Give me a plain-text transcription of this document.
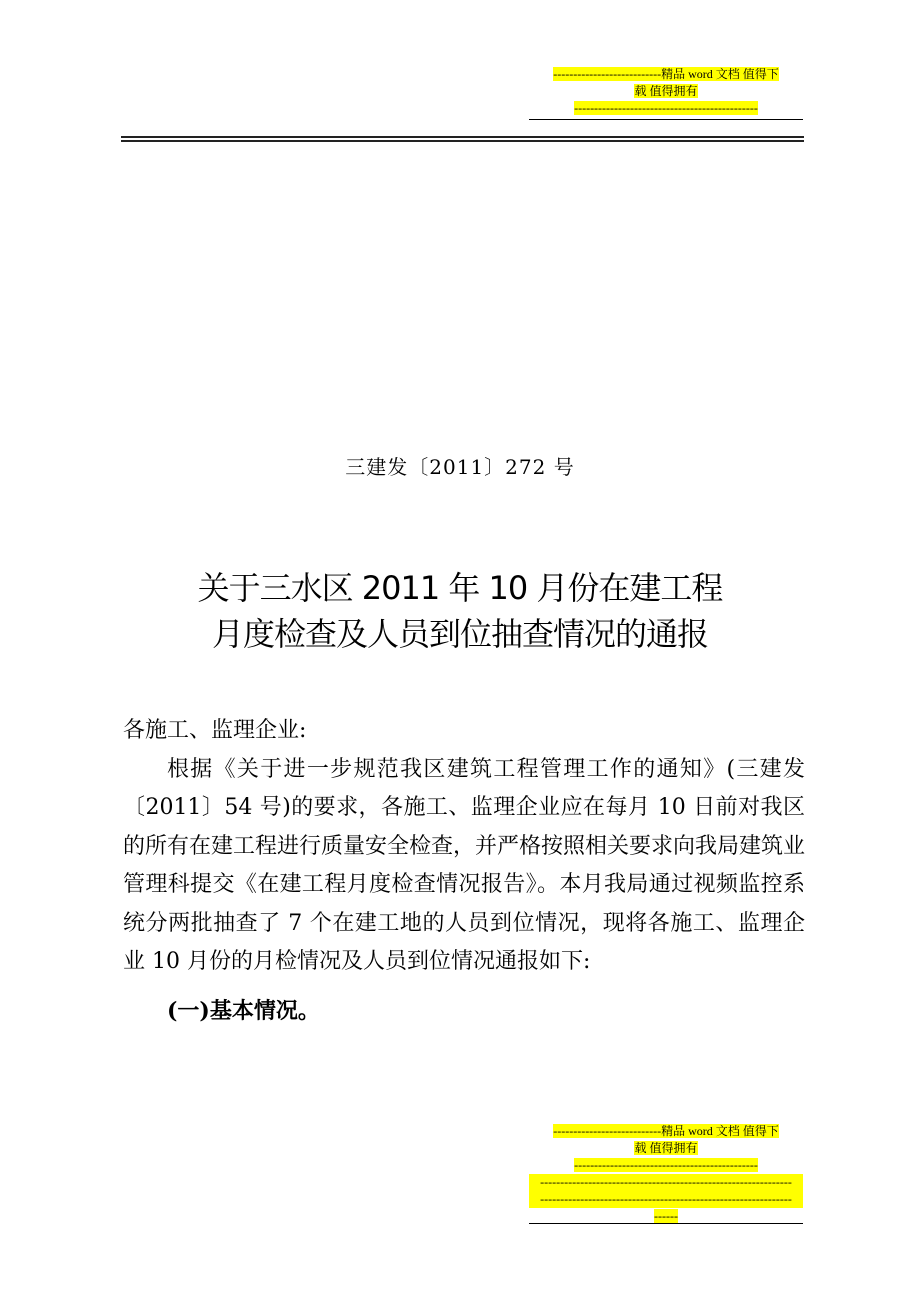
---------------------------精品 word 文档 值得下
载 值得拥有
----------------------------------------------
三建发〔2011〕272 号
关于三水区 2011 年 10 月份在建工程
月度检查及人员到位抽查情况的通报

各施工、监理企业:

根据《关于进一步规范我区建筑工程管理工作的通知》(三建发〔2011〕54 号)的要求，各施工、监理企业应在每月 10 日前对我区的所有在建工程进行质量安全检查，并严格按照相关要求向我局建筑业管理科提交《在建工程月度检查情况报告》。本月我局通过视频监控系统分两批抽查了 7 个在建工地的人员到位情况，现将各施工、监理企业 10 月份的月检情况及人员到位情况通报如下:

(一)基本情况。

---------------------------精品 word 文档 值得下
载 值得拥有
----------------------------------------------
---------------------------------------------------------------
---------------------------------------------------------------
------
